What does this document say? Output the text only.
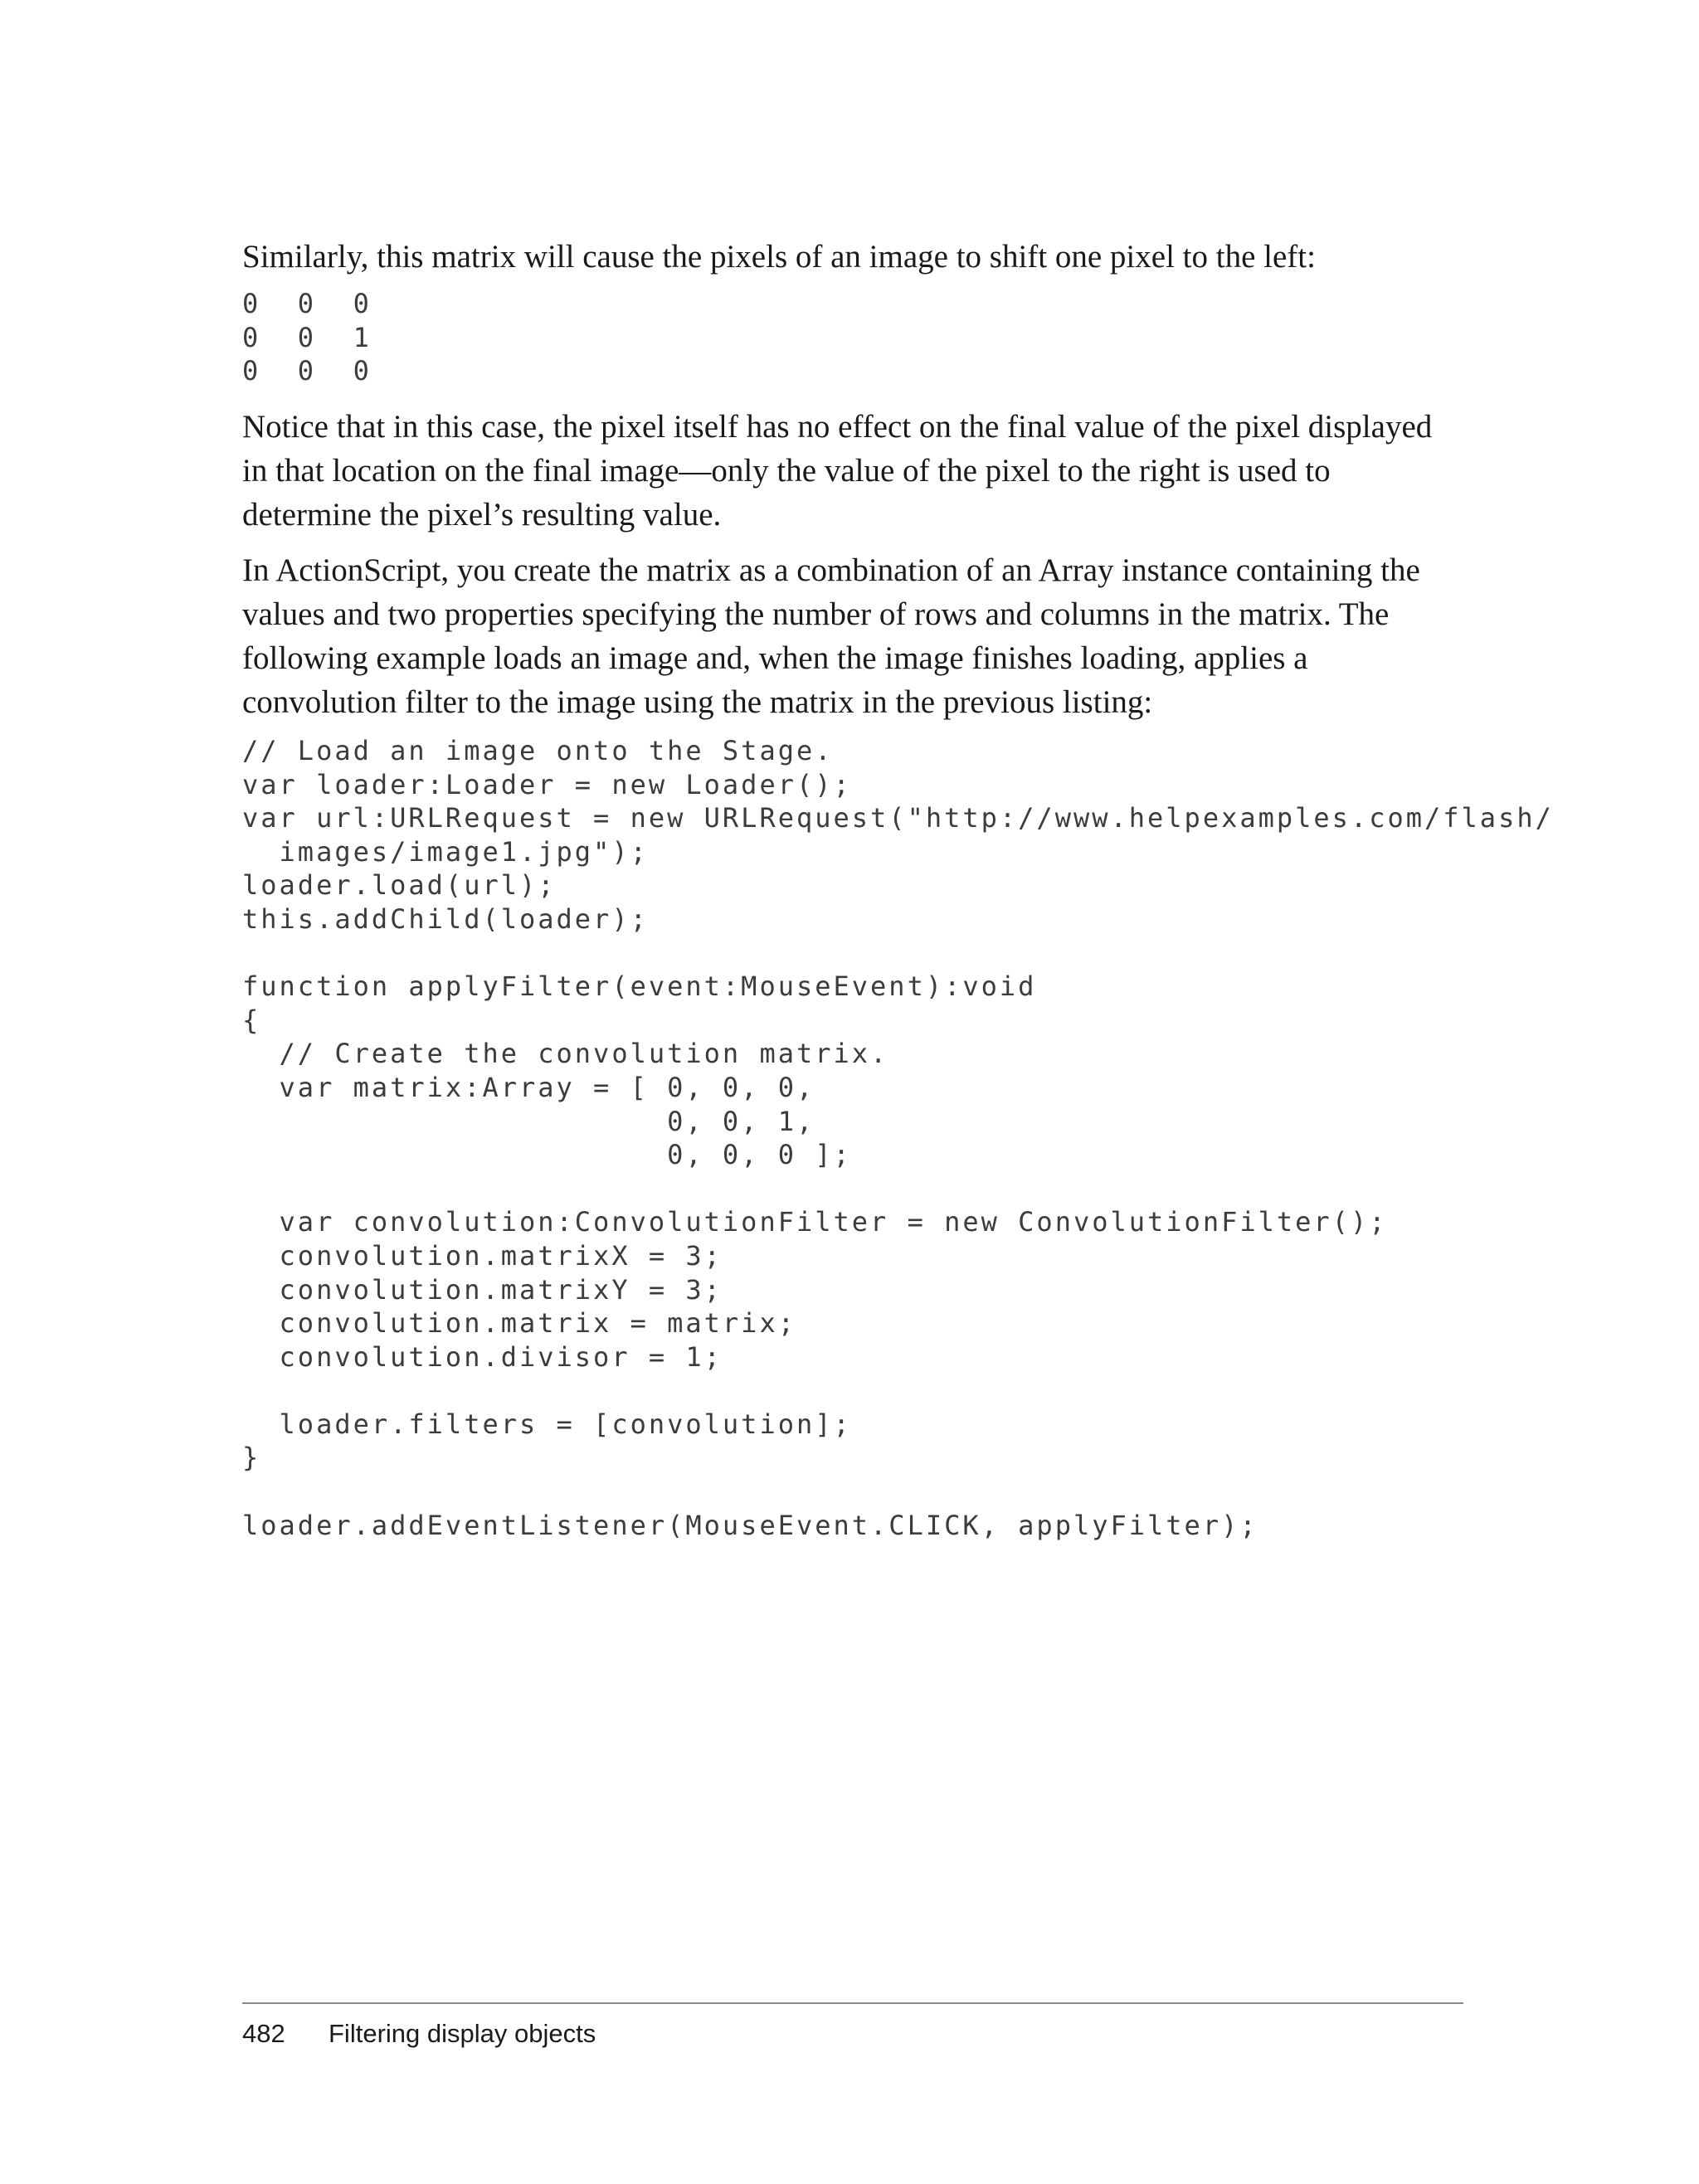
Similarly, this matrix will cause the pixels of an image to shift one pixel to the left:

0  0  0
0  0  1
0  0  0

Notice that in this case, the pixel itself has no effect on the final value of the pixel displayed in that location on the final image—only the value of the pixel to the right is used to determine the pixel’s resulting value.

In ActionScript, you create the matrix as a combination of an Array instance containing the values and two properties specifying the number of rows and columns in the matrix. The following example loads an image and, when the image finishes loading, applies a convolution filter to the image using the matrix in the previous listing:

// Load an image onto the Stage.
var loader:Loader = new Loader();
var url:URLRequest = new URLRequest("http://www.helpexamples.com/flash/
images/image1.jpg");
loader.load(url);
this.addChild(loader);

function applyFilter(event:MouseEvent):void
{
// Create the convolution matrix.
var matrix:Array = [ 0, 0, 0,
0, 0, 1,
0, 0, 0 ];

var convolution:ConvolutionFilter = new ConvolutionFilter();
convolution.matrixX = 3;
convolution.matrixY = 3;
convolution.matrix = matrix;
convolution.divisor = 1;

loader.filters = [convolution];
}

loader.addEventListener(MouseEvent.CLICK, applyFilter);
482 Filtering display objects
